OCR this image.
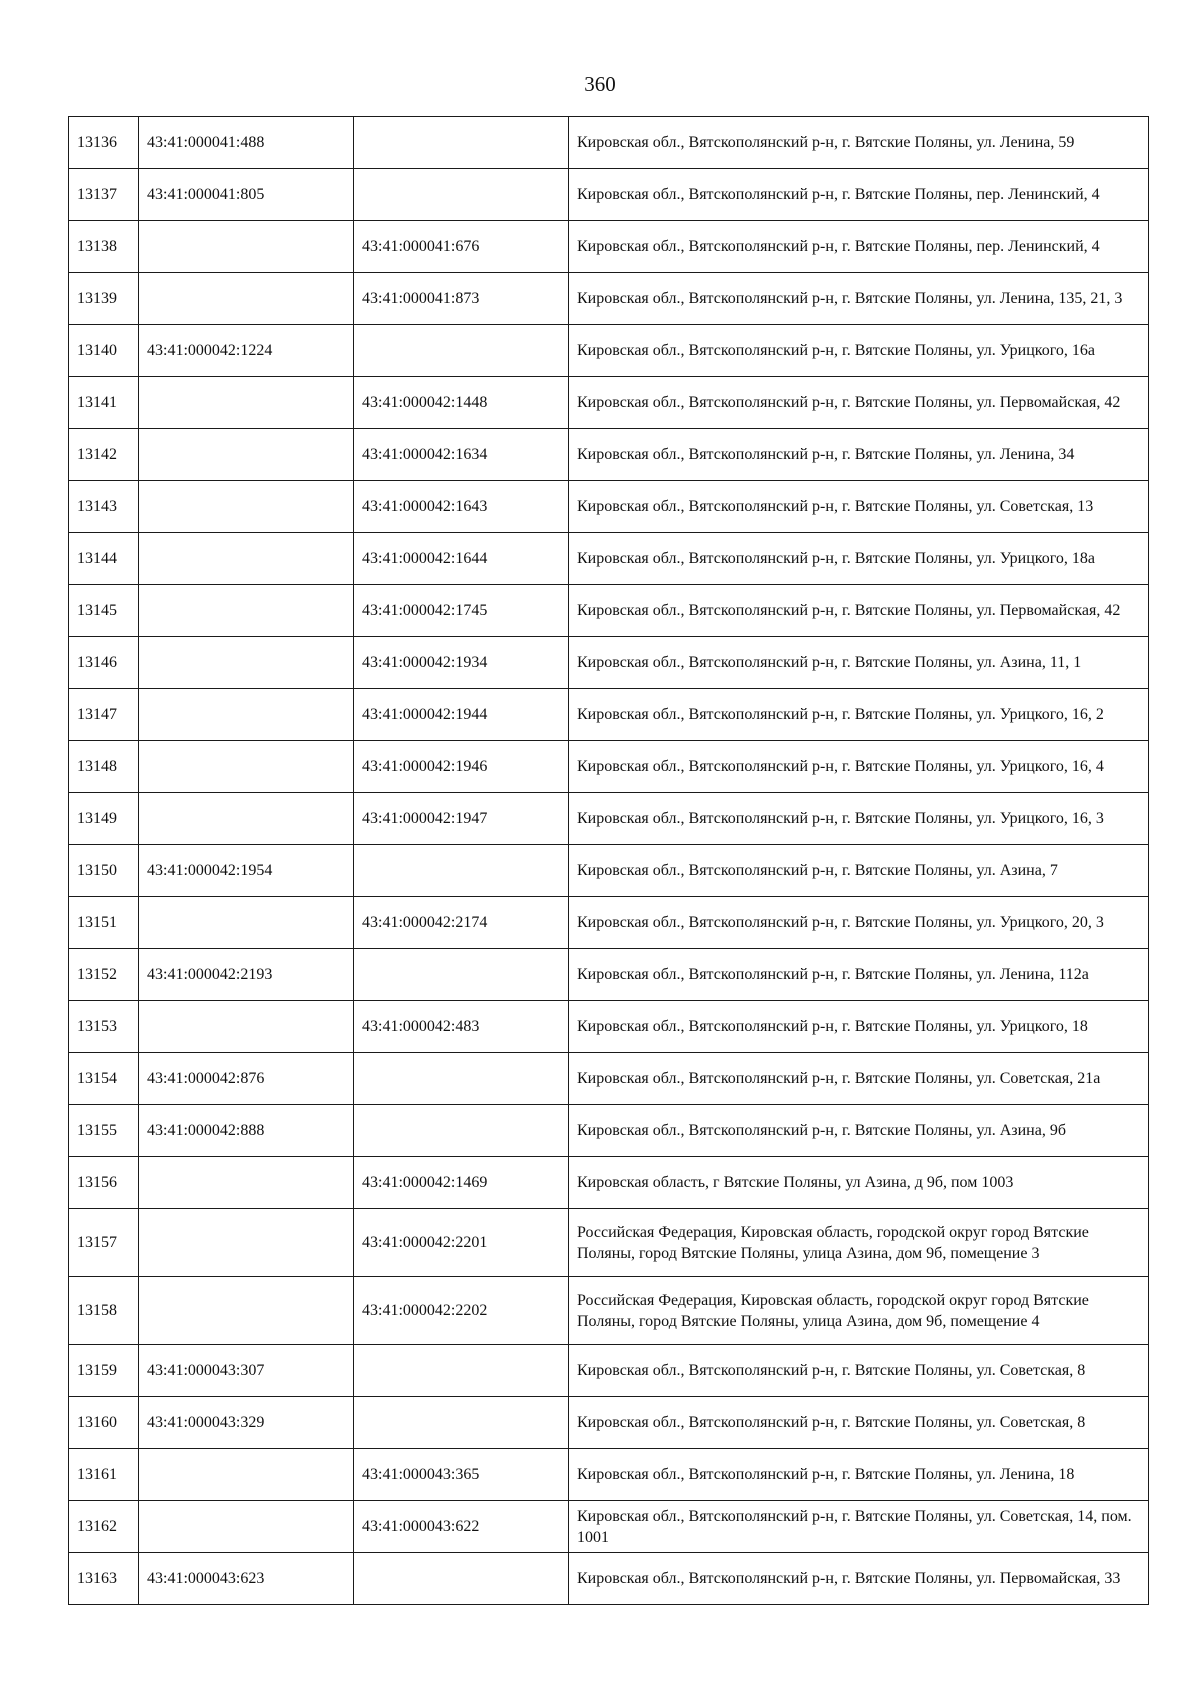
360
13136	43:41:000041:488		Кировская обл., Вятскополянский р-н, г. Вятские Поляны, ул. Ленина, 59
13137	43:41:000041:805		Кировская обл., Вятскополянский р-н, г. Вятские Поляны, пер. Ленинский, 4
13138		43:41:000041:676	Кировская обл., Вятскополянский р-н, г. Вятские Поляны, пер. Ленинский, 4
13139		43:41:000041:873	Кировская обл., Вятскополянский р-н, г. Вятские Поляны, ул. Ленина, 135, 21, 3
13140	43:41:000042:1224		Кировская обл., Вятскополянский р-н, г. Вятские Поляны, ул. Урицкого, 16а
13141		43:41:000042:1448	Кировская обл., Вятскополянский р-н, г. Вятские Поляны, ул. Первомайская, 42
13142		43:41:000042:1634	Кировская обл., Вятскополянский р-н, г. Вятские Поляны, ул. Ленина, 34
13143		43:41:000042:1643	Кировская обл., Вятскополянский р-н, г. Вятские Поляны, ул. Советская, 13
13144		43:41:000042:1644	Кировская обл., Вятскополянский р-н, г. Вятские Поляны, ул. Урицкого, 18а
13145		43:41:000042:1745	Кировская обл., Вятскополянский р-н, г. Вятские Поляны, ул. Первомайская, 42
13146		43:41:000042:1934	Кировская обл., Вятскополянский р-н, г. Вятские Поляны, ул. Азина, 11, 1
13147		43:41:000042:1944	Кировская обл., Вятскополянский р-н, г. Вятские Поляны, ул. Урицкого, 16, 2
13148		43:41:000042:1946	Кировская обл., Вятскополянский р-н, г. Вятские Поляны, ул. Урицкого, 16, 4
13149		43:41:000042:1947	Кировская обл., Вятскополянский р-н, г. Вятские Поляны, ул. Урицкого, 16, 3
13150	43:41:000042:1954		Кировская обл., Вятскополянский р-н, г. Вятские Поляны, ул. Азина, 7
13151		43:41:000042:2174	Кировская обл., Вятскополянский р-н, г. Вятские Поляны, ул. Урицкого, 20, 3
13152	43:41:000042:2193		Кировская обл., Вятскополянский р-н, г. Вятские Поляны, ул. Ленина, 112а
13153		43:41:000042:483	Кировская обл., Вятскополянский р-н, г. Вятские Поляны, ул. Урицкого, 18
13154	43:41:000042:876		Кировская обл., Вятскополянский р-н, г. Вятские Поляны, ул. Советская, 21а
13155	43:41:000042:888		Кировская обл., Вятскополянский р-н, г. Вятские Поляны, ул. Азина, 9б
13156		43:41:000042:1469	Кировская область, г Вятские Поляны, ул Азина, д 9б, пом 1003
13157		43:41:000042:2201	Российская Федерация, Кировская область, городской округ город Вятские Поляны, город Вятские Поляны, улица Азина, дом 9б, помещение 3
13158		43:41:000042:2202	Российская Федерация, Кировская область, городской округ город Вятские Поляны, город Вятские Поляны, улица Азина, дом 9б, помещение 4
13159	43:41:000043:307		Кировская обл., Вятскополянский р-н, г. Вятские Поляны, ул. Советская, 8
13160	43:41:000043:329		Кировская обл., Вятскополянский р-н, г. Вятские Поляны, ул. Советская, 8
13161		43:41:000043:365	Кировская обл., Вятскополянский р-н, г. Вятские Поляны, ул. Ленина, 18
13162		43:41:000043:622	Кировская обл., Вятскополянский р-н, г. Вятские Поляны, ул. Советская, 14, пом. 1001
13163	43:41:000043:623		Кировская обл., Вятскополянский р-н, г. Вятские Поляны, ул. Первомайская, 33
